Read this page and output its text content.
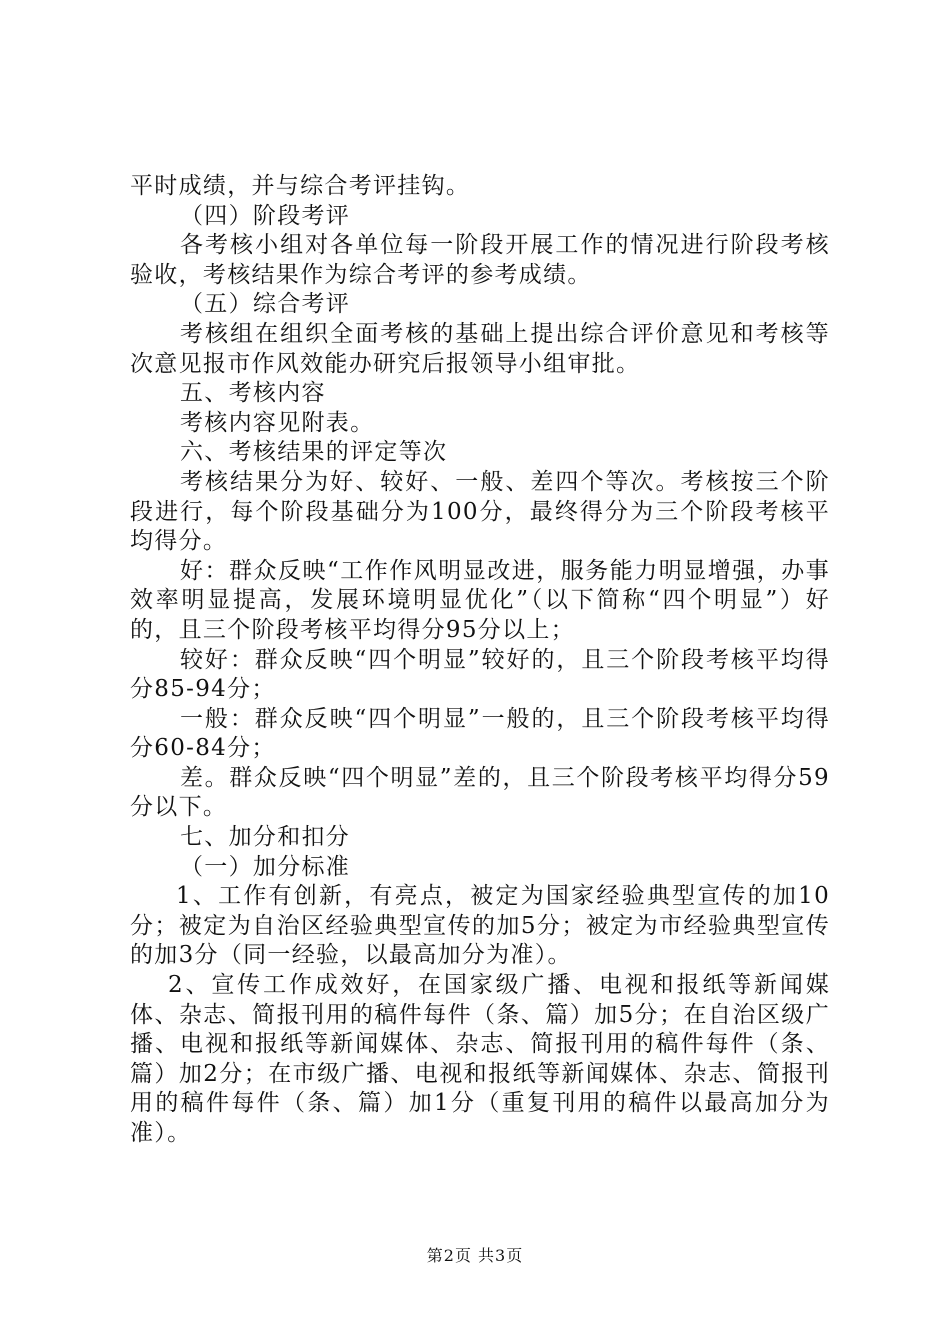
平时成绩，并与综合考评挂钩。

（四）阶段考评

各考核小组对各单位每一阶段开展工作的情况进行阶段考核验收，考核结果作为综合考评的参考成绩。

（五）综合考评

考核组在组织全面考核的基础上提出综合评价意见和考核等次意见报市作风效能办研究后报领导小组审批。

五、考核内容

考核内容见附表。

六、考核结果的评定等次

考核结果分为好、较好、一般、差四个等次。考核按三个阶段进行，每个阶段基础分为100分，最终得分为三个阶段考核平均得分。

好：群众反映“工作作风明显改进，服务能力明显增强，办事效率明显提高，发展环境明显优化”（以下简称“四个明显”）好的，且三个阶段考核平均得分95分以上；

较好：群众反映“四个明显”较好的，且三个阶段考核平均得分85-94分；

一般：群众反映“四个明显”一般的，且三个阶段考核平均得分60-84分；

差。群众反映“四个明显”差的，且三个阶段考核平均得分59分以下。

七、加分和扣分

（一）加分标准

1、工作有创新，有亮点，被定为国家经验典型宣传的加10分；被定为自治区经验典型宣传的加5分；被定为市经验典型宣传的加3分（同一经验，以最高加分为准）。

2、宣传工作成效好，在国家级广播、电视和报纸等新闻媒体、杂志、简报刊用的稿件每件（条、篇）加5分；在自治区级广播、电视和报纸等新闻媒体、杂志、简报刊用的稿件每件（条、篇）加2分；在市级广播、电视和报纸等新闻媒体、杂志、简报刊用的稿件每件（条、篇）加1分（重复刊用的稿件以最高加分为准）。

第2页 共3页
